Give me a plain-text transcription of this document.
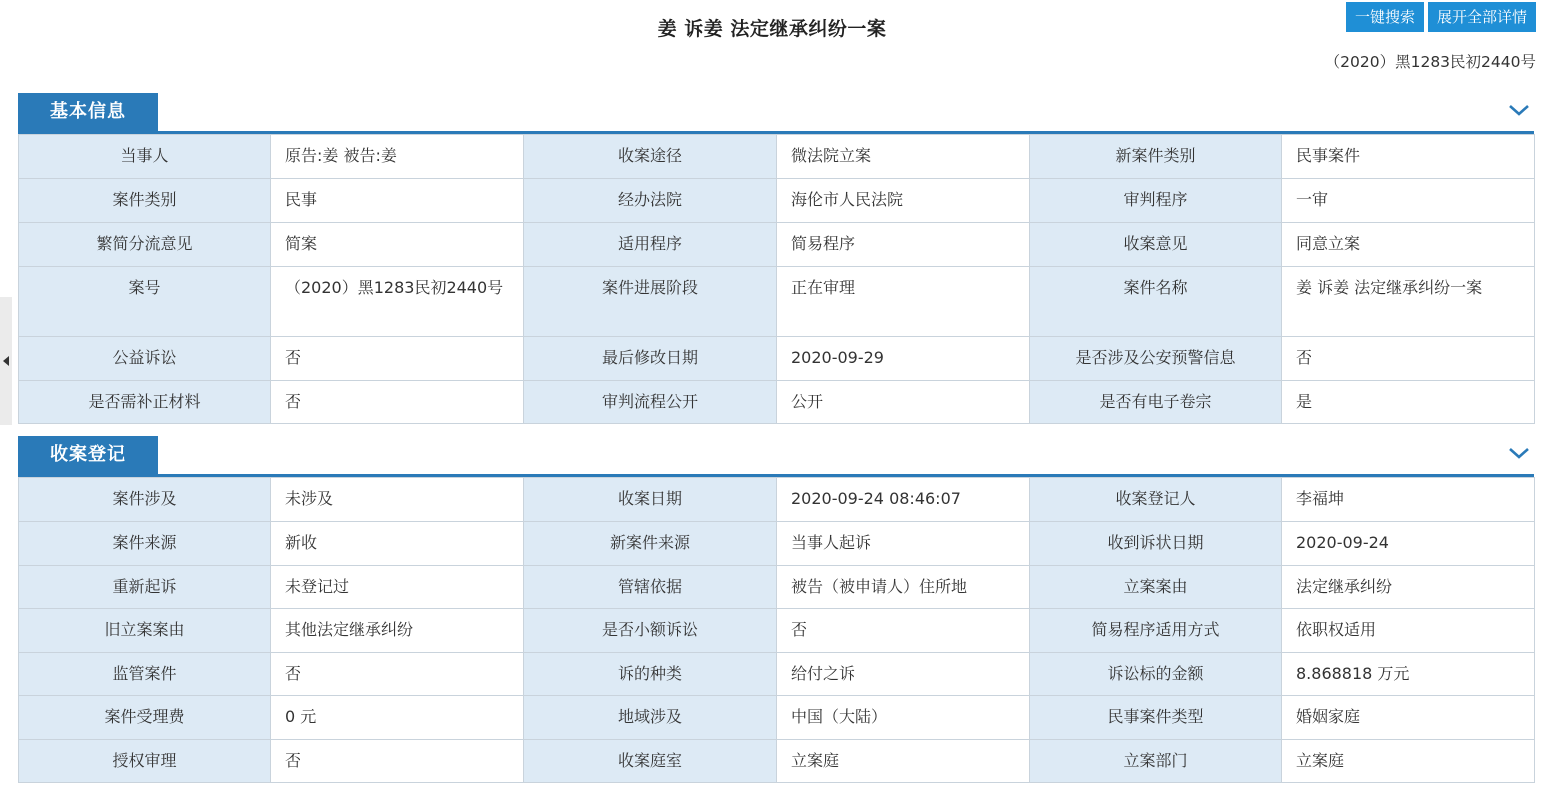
姜 诉姜 法定继承纠纷一案
一键搜索	展开全部详情
（2020）黑1283民初2440号
基本信息
当事人	原告:姜 被告:姜	收案途径	微法院立案	新案件类别	民事案件
案件类别	民事	经办法院	海伦市人民法院	审判程序	一审
繁简分流意见	简案	适用程序	简易程序	收案意见	同意立案
案号	（2020）黑1283民初2440号	案件进展阶段	正在审理	案件名称	姜 诉姜 法定继承纠纷一案
公益诉讼	否	最后修改日期	2020-09-29	是否涉及公安预警信息	否
是否需补正材料	否	审判流程公开	公开	是否有电子卷宗	是
收案登记
案件涉及	未涉及	收案日期	2020-09-24 08:46:07	收案登记人	李福坤
案件来源	新收	新案件来源	当事人起诉	收到诉状日期	2020-09-24
重新起诉	未登记过	管辖依据	被告（被申请人）住所地	立案案由	法定继承纠纷
旧立案案由	其他法定继承纠纷	是否小额诉讼	否	简易程序适用方式	依职权适用
监管案件	否	诉的种类	给付之诉	诉讼标的金额	8.868818 万元
案件受理费	0 元	地域涉及	中国（大陆）	民事案件类型	婚姻家庭
授权审理	否	收案庭室	立案庭	立案部门	立案庭
